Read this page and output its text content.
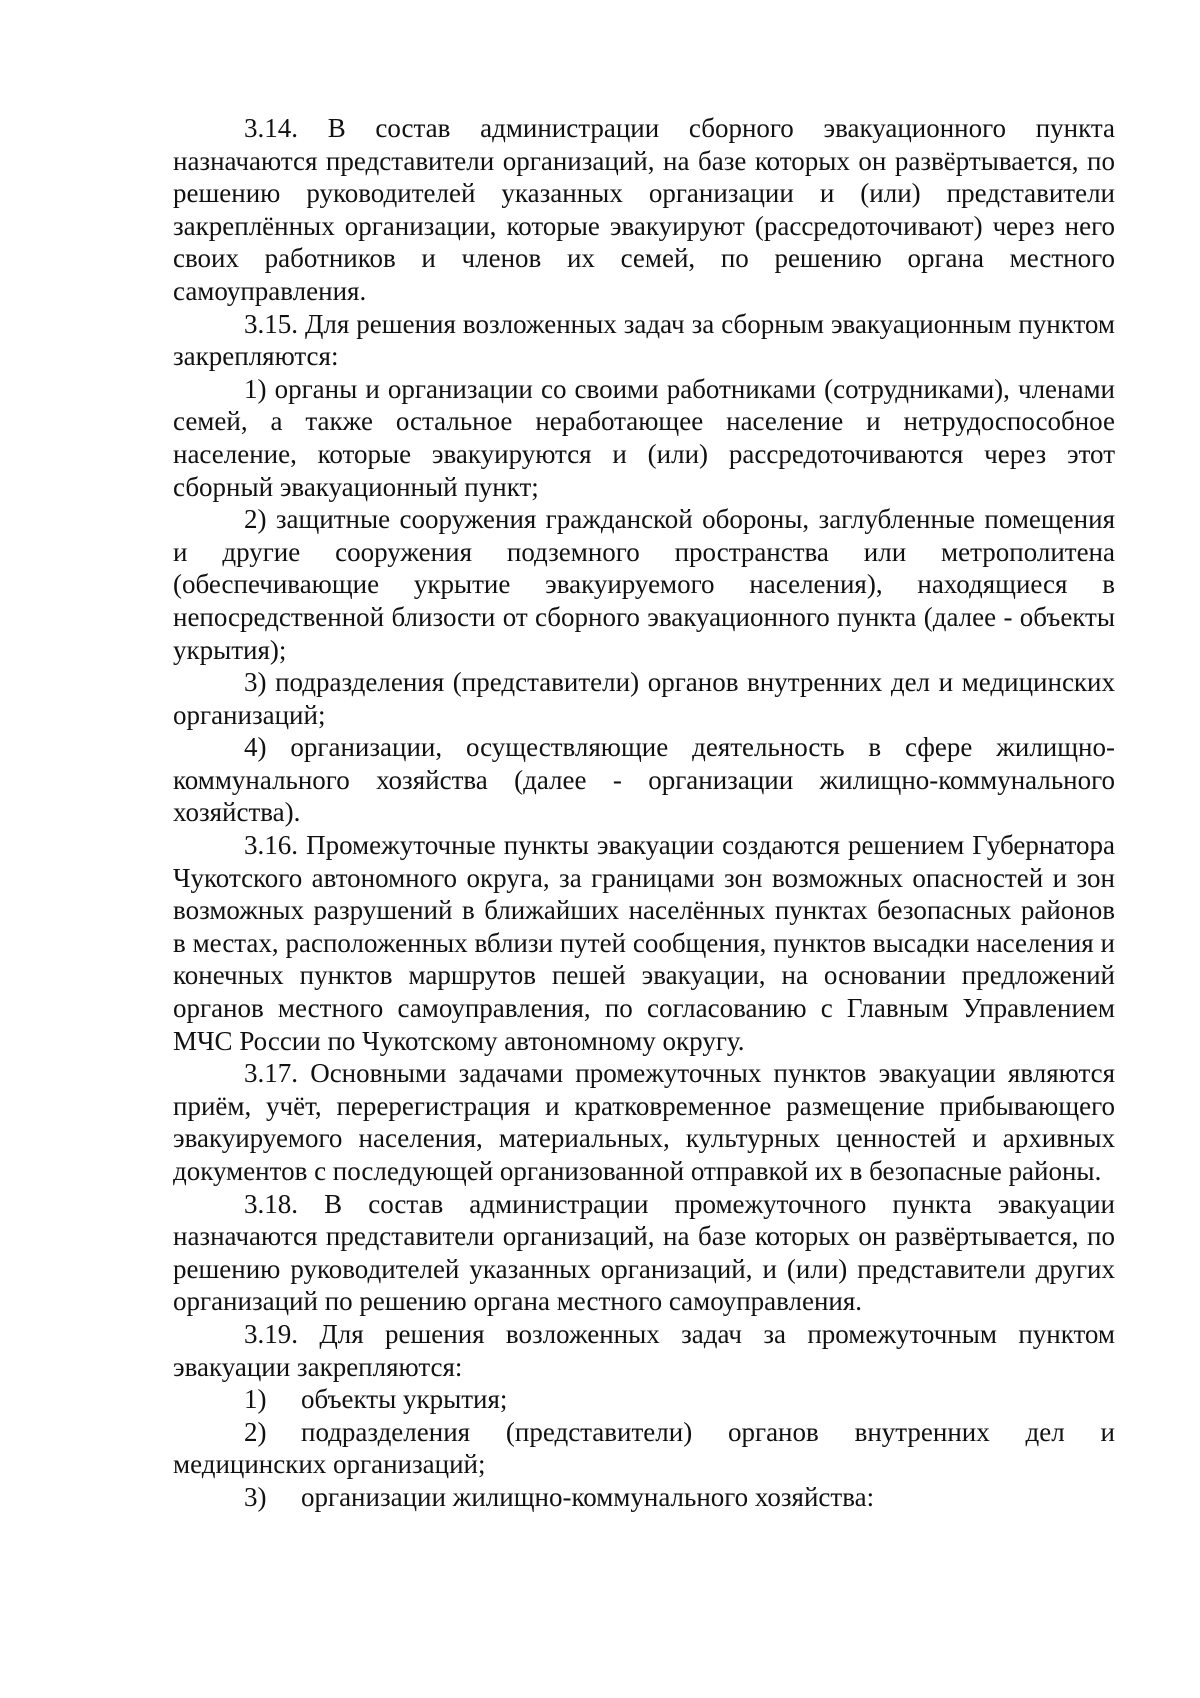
3.14. В состав администрации сборного эвакуационного пункта назначаются представители организаций, на базе которых он развёртывается, по решению руководителей указанных организации и (или) представители закреплённых организации, которые эвакуируют (рассредоточивают) через него своих работников и членов их семей, по решению органа местного самоуправления.

3.15. Для решения возложенных задач за сборным эвакуационным пунктом закрепляются:

1) органы и организации со своими работниками (сотрудниками), членами семей, а также остальное неработающее население и нетрудоспособное население, которые эвакуируются и (или) рассредоточиваются через этот сборный эвакуационный пункт;

2) защитные сооружения гражданской обороны, заглубленные помещения и другие сооружения подземного пространства или метрополитена (обеспечивающие укрытие эвакуируемого населения), находящиеся в непосредственной близости от сборного эвакуационного пункта (далее - объекты укрытия);

3) подразделения (представители) органов внутренних дел и медицинских организаций;

4) организации, осуществляющие деятельность в сфере жилищно-коммунального хозяйства (далее - организации жилищно-коммунального хозяйства).

3.16. Промежуточные пункты эвакуации создаются решением Губернатора Чукотского автономного округа, за границами зон возможных опасностей и зон возможных разрушений в ближайших населённых пунктах безопасных районов в местах, расположенных вблизи путей сообщения, пунктов высадки населения и конечных пунктов маршрутов пешей эвакуации, на основании предложений органов местного самоуправления, по согласованию с Главным Управлением МЧС России по Чукотскому автономному округу.

3.17. Основными задачами промежуточных пунктов эвакуации являются приём, учёт, перерегистрация и кратковременное размещение прибывающего эвакуируемого населения, материальных, культурных ценностей и архивных документов с последующей организованной отправкой их в безопасные районы.

3.18. В состав администрации промежуточного пункта эвакуации назначаются представители организаций, на базе которых он развёртывается, по решению руководителей указанных организаций, и (или) представители других организаций по решению органа местного самоуправления.

3.19. Для решения возложенных задач за промежуточным пунктом эвакуации закрепляются:

1) объекты укрытия;

2) подразделения (представители) органов внутренних дел и медицинских организаций;

3) организации жилищно-коммунального хозяйства:
